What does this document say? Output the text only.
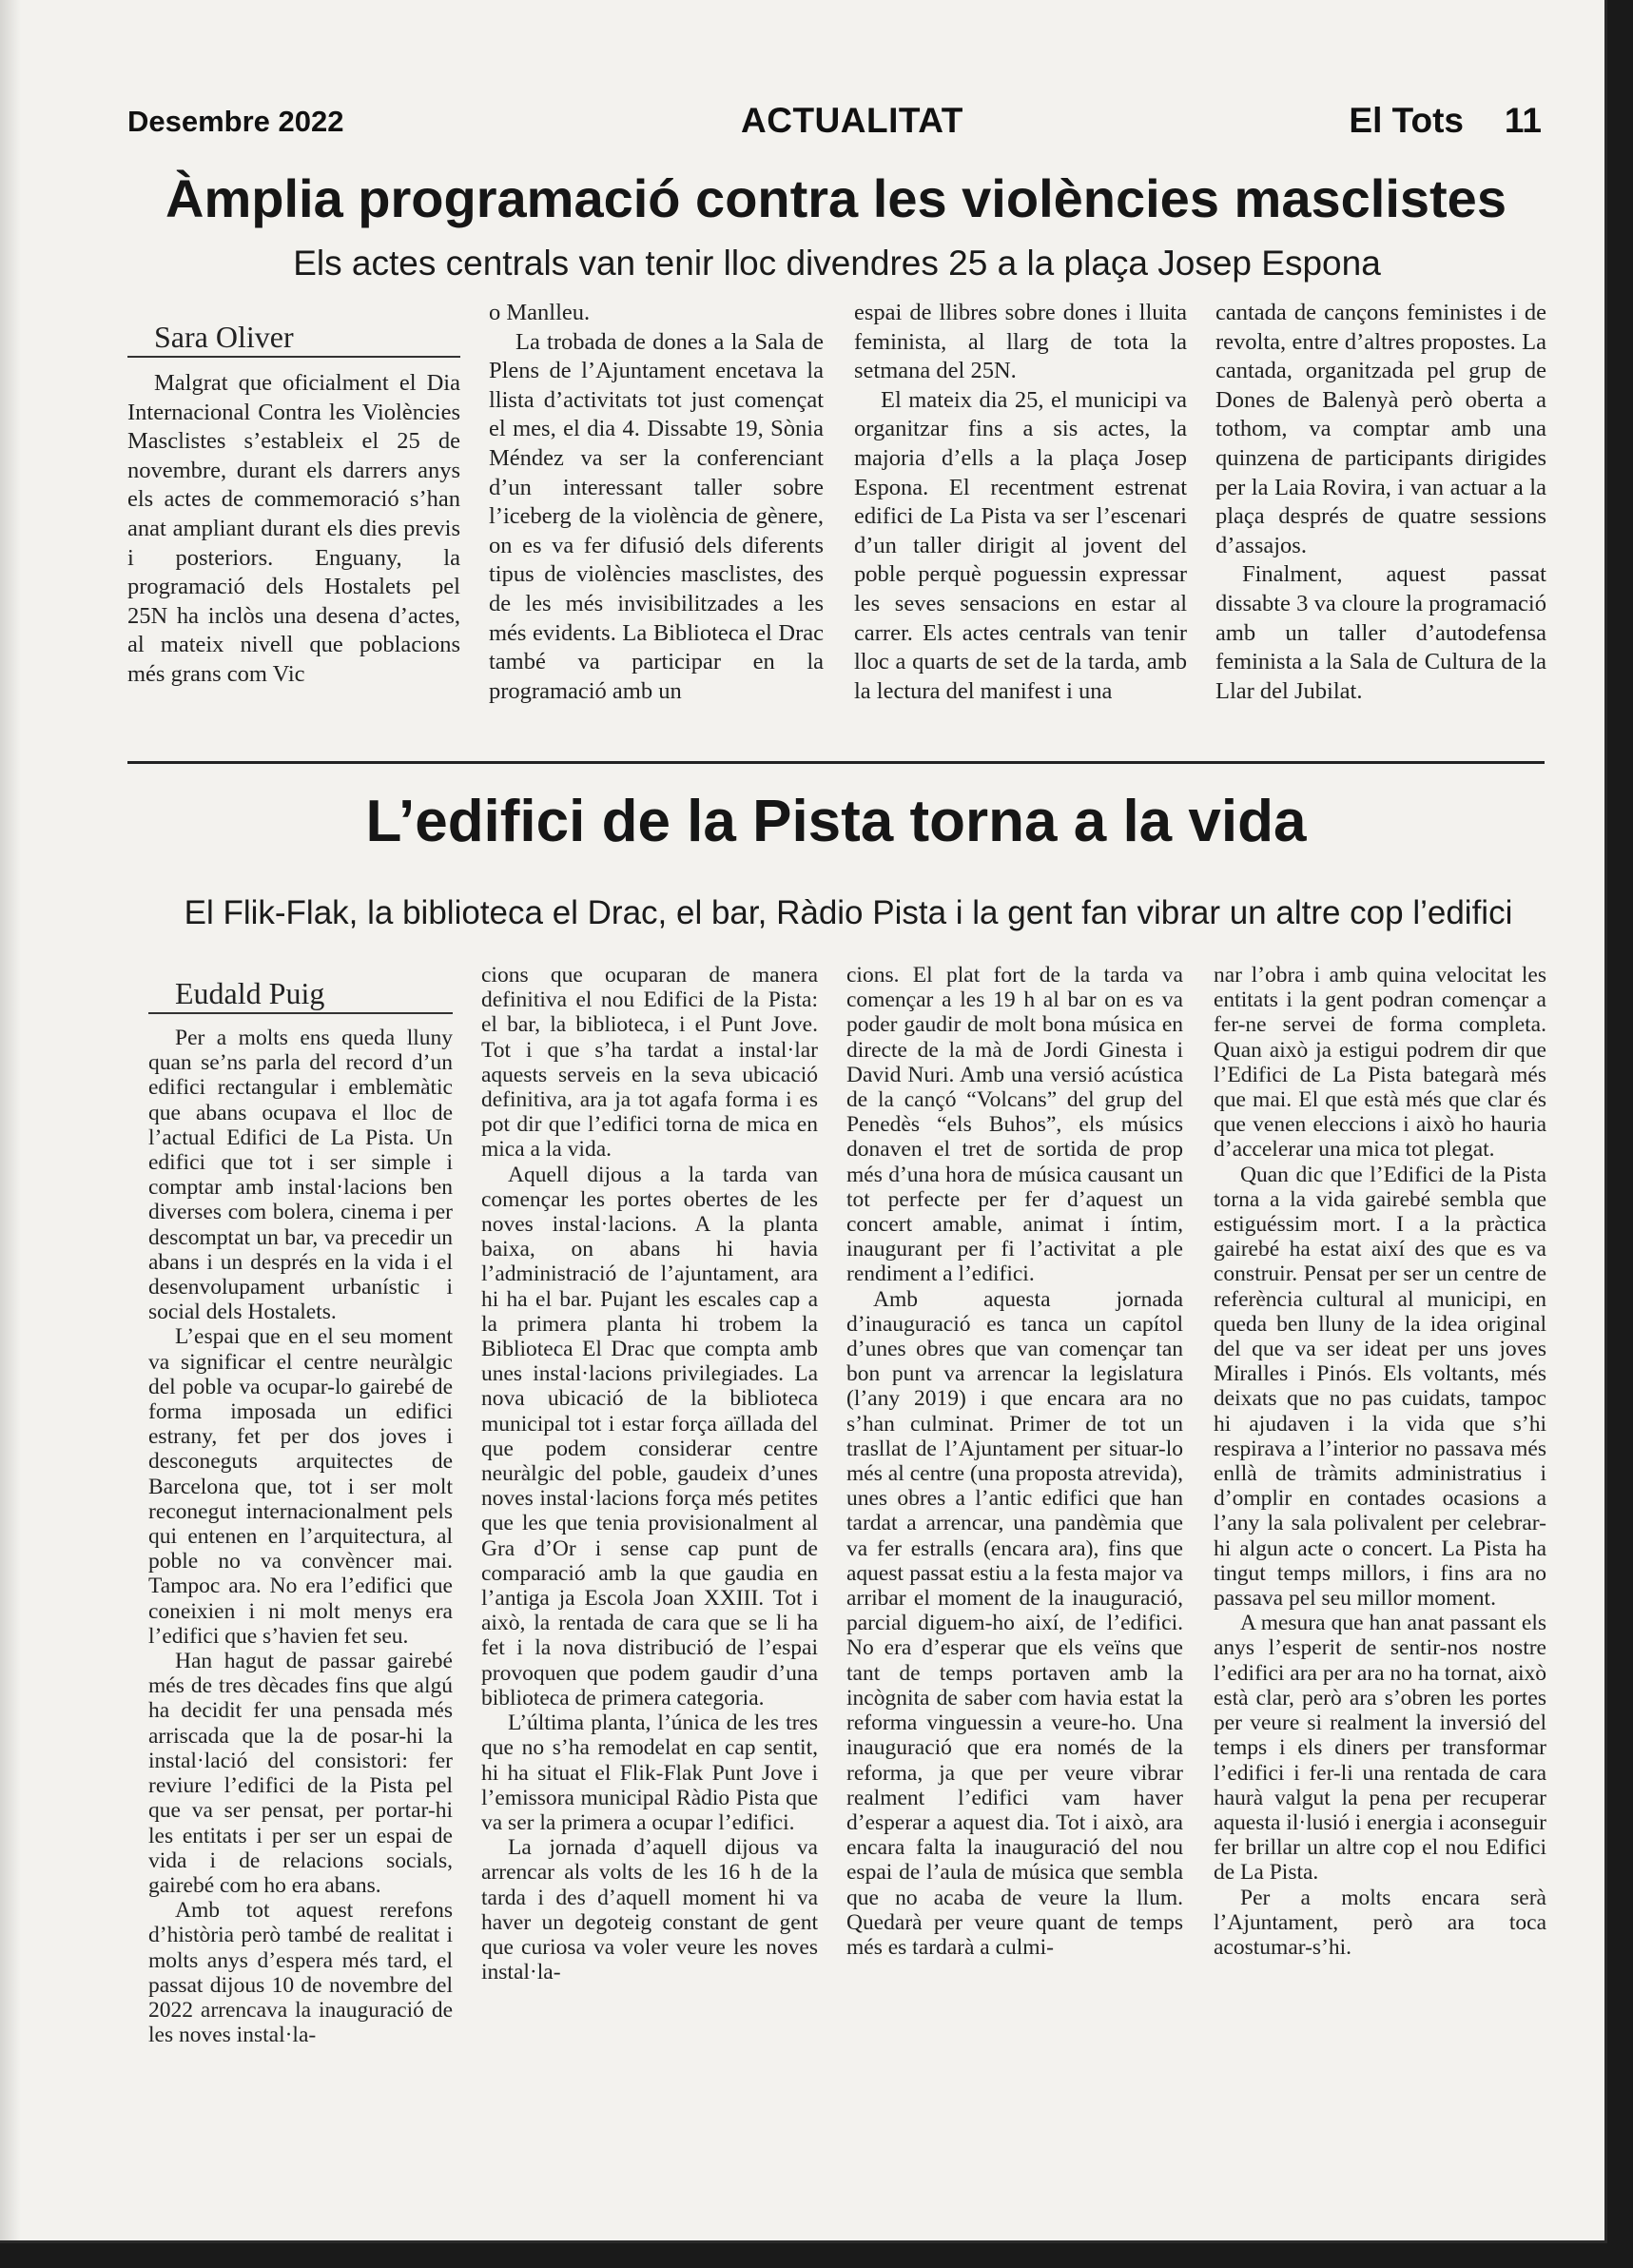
Desembre 2022	ACTUALITAT	El Tots 11
Àmplia programació contra les violències masclistes
Els actes centrals van tenir lloc divendres 25 a la plaça Josep Espona
Sara Oliver

Malgrat que oficialment el Dia Internacional Contra les Violències Masclistes s’estableix el 25 de novembre, durant els darrers anys els actes de commemoració s’han anat ampliant durant els dies previs i posteriors. Enguany, la programació dels Hostalets pel 25N ha inclòs una desena d’actes, al mateix nivell que poblacions més grans com Vic

o Manlleu.

La trobada de dones a la Sala de Plens de l’Ajuntament encetava la llista d’activitats tot just començat el mes, el dia 4. Dissabte 19, Sònia Méndez va ser la conferenciant d’un interessant taller sobre l’iceberg de la violència de gènere, on es va fer difusió dels diferents tipus de violències masclistes, des de les més invisibilitzades a les més evidents. La Biblioteca el Drac també va participar en la programació amb un

espai de llibres sobre dones i lluita feminista, al llarg de tota la setmana del 25N.

El mateix dia 25, el municipi va organitzar fins a sis actes, la majoria d’ells a la plaça Josep Espona. El recentment estrenat edifici de La Pista va ser l’escenari d’un taller dirigit al jovent del poble perquè poguessin expressar les seves sensacions en estar al carrer. Els actes centrals van tenir lloc a quarts de set de la tarda, amb la lectura del manifest i una

cantada de cançons feministes i de revolta, entre d’altres propostes. La cantada, organitzada pel grup de Dones de Balenyà però oberta a tothom, va comptar amb una quinzena de participants dirigides per la Laia Rovira, i van actuar a la plaça després de quatre sessions d’assajos.

Finalment, aquest passat dissabte 3 va cloure la programació amb un taller d’autodefensa feminista a la Sala de Cultura de la Llar del Jubilat.

L’edifici de la Pista torna a la vida
El Flik-Flak, la biblioteca el Drac, el bar, Ràdio Pista i la gent fan vibrar un altre cop l’edifici
Eudald Puig

Per a molts ens queda lluny quan se’ns parla del record d’un edifici rectangular i emblemàtic que abans ocupava el lloc de l’actual Edifici de La Pista. Un edifici que tot i ser simple i comptar amb instal·lacions ben diverses com bolera, cinema i per descomptat un bar, va precedir un abans i un després en la vida i el desenvolupament urbanístic i social dels Hostalets.

L’espai que en el seu moment va significar el centre neuràlgic del poble va ocupar-lo gairebé de forma imposada un edifici estrany, fet per dos joves i desconeguts arquitectes de Barcelona que, tot i ser molt reconegut internacionalment pels qui entenen en l’arquitectura, al poble no va convèncer mai. Tampoc ara. No era l’edifici que coneixien i ni molt menys era l’edifici que s’havien fet seu.

Han hagut de passar gairebé més de tres dècades fins que algú ha decidit fer una pensada més arriscada que la de posar-hi la instal·lació del consistori: fer reviure l’edifici de la Pista pel que va ser pensat, per portar-hi les entitats i per ser un espai de vida i de relacions socials, gairebé com ho era abans.

Amb tot aquest rerefons d’història però també de realitat i molts anys d’espera més tard, el passat dijous 10 de novembre del 2022 arrencava la inauguració de les noves instal·la-

cions que ocuparan de manera definitiva el nou Edifici de la Pista: el bar, la biblioteca, i el Punt Jove. Tot i que s’ha tardat a instal·lar aquests serveis en la seva ubicació definitiva, ara ja tot agafa forma i es pot dir que l’edifici torna de mica en mica a la vida.

Aquell dijous a la tarda van començar les portes obertes de les noves instal·lacions. A la planta baixa, on abans hi havia l’administració de l’ajuntament, ara hi ha el bar. Pujant les escales cap a la primera planta hi trobem la Biblioteca El Drac que compta amb unes instal·lacions privilegiades. La nova ubicació de la biblioteca municipal tot i estar força aïllada del que podem considerar centre neuràlgic del poble, gaudeix d’unes noves instal·lacions força més petites que les que tenia provisionalment al Gra d’Or i sense cap punt de comparació amb la que gaudia en l’antiga ja Escola Joan XXIII. Tot i això, la rentada de cara que se li ha fet i la nova distribució de l’espai provoquen que podem gaudir d’una biblioteca de primera categoria.

L’última planta, l’única de les tres que no s’ha remodelat en cap sentit, hi ha situat el Flik-Flak Punt Jove i l’emissora municipal Ràdio Pista que va ser la primera a ocupar l’edifici.

La jornada d’aquell dijous va arrencar als volts de les 16 h de la tarda i des d’aquell moment hi va haver un degoteig constant de gent que curiosa va voler veure les noves instal·la-

cions. El plat fort de la tarda va començar a les 19 h al bar on es va poder gaudir de molt bona música en directe de la mà de Jordi Ginesta i David Nuri. Amb una versió acústica de la cançó “Volcans” del grup del Penedès “els Buhos”, els músics donaven el tret de sortida de prop més d’una hora de música causant un tot perfecte per fer d’aquest un concert amable, animat i íntim, inaugurant per fi l’activitat a ple rendiment a l’edifici.

Amb aquesta jornada d’inauguració es tanca un capítol d’unes obres que van començar tan bon punt va arrencar la legislatura (l’any 2019) i que encara ara no s’han culminat. Primer de tot un trasllat de l’Ajuntament per situar-lo més al centre (una proposta atrevida), unes obres a l’antic edifici que han tardat a arrencar, una pandèmia que va fer estralls (encara ara), fins que aquest passat estiu a la festa major va arribar el moment de la inauguració, parcial diguem-ho així, de l’edifici. No era d’esperar que els veïns que tant de temps portaven amb la incògnita de saber com havia estat la reforma vinguessin a veure-ho. Una inauguració que era només de la reforma, ja que per veure vibrar realment l’edifici vam haver d’esperar a aquest dia. Tot i això, ara encara falta la inauguració del nou espai de l’aula de música que sembla que no acaba de veure la llum. Quedarà per veure quant de temps més es tardarà a culmi-

nar l’obra i amb quina velocitat les entitats i la gent podran començar a fer-ne servei de forma completa. Quan això ja estigui podrem dir que l’Edifici de La Pista bategarà més que mai. El que està més que clar és que venen eleccions i això ho hauria d’accelerar una mica tot plegat.

Quan dic que l’Edifici de la Pista torna a la vida gairebé sembla que estiguéssim mort. I a la pràctica gairebé ha estat així des que es va construir. Pensat per ser un centre de referència cultural al municipi, en queda ben lluny de la idea original del que va ser ideat per uns joves Miralles i Pinós. Els voltants, més deixats que no pas cuidats, tampoc hi ajudaven i la vida que s’hi respirava a l’interior no passava més enllà de tràmits administratius i d’omplir en contades ocasions a l’any la sala polivalent per celebrar-hi algun acte o concert. La Pista ha tingut temps millors, i fins ara no passava pel seu millor moment.

A mesura que han anat passant els anys l’esperit de sentir-nos nostre l’edifici ara per ara no ha tornat, això està clar, però ara s’obren les portes per veure si realment la inversió del temps i els diners per transformar l’edifici i fer-li una rentada de cara haurà valgut la pena per recuperar aquesta il·lusió i energia i aconseguir fer brillar un altre cop el nou Edifici de La Pista.

Per a molts encara serà l’Ajuntament, però ara toca acostumar-s’hi.
